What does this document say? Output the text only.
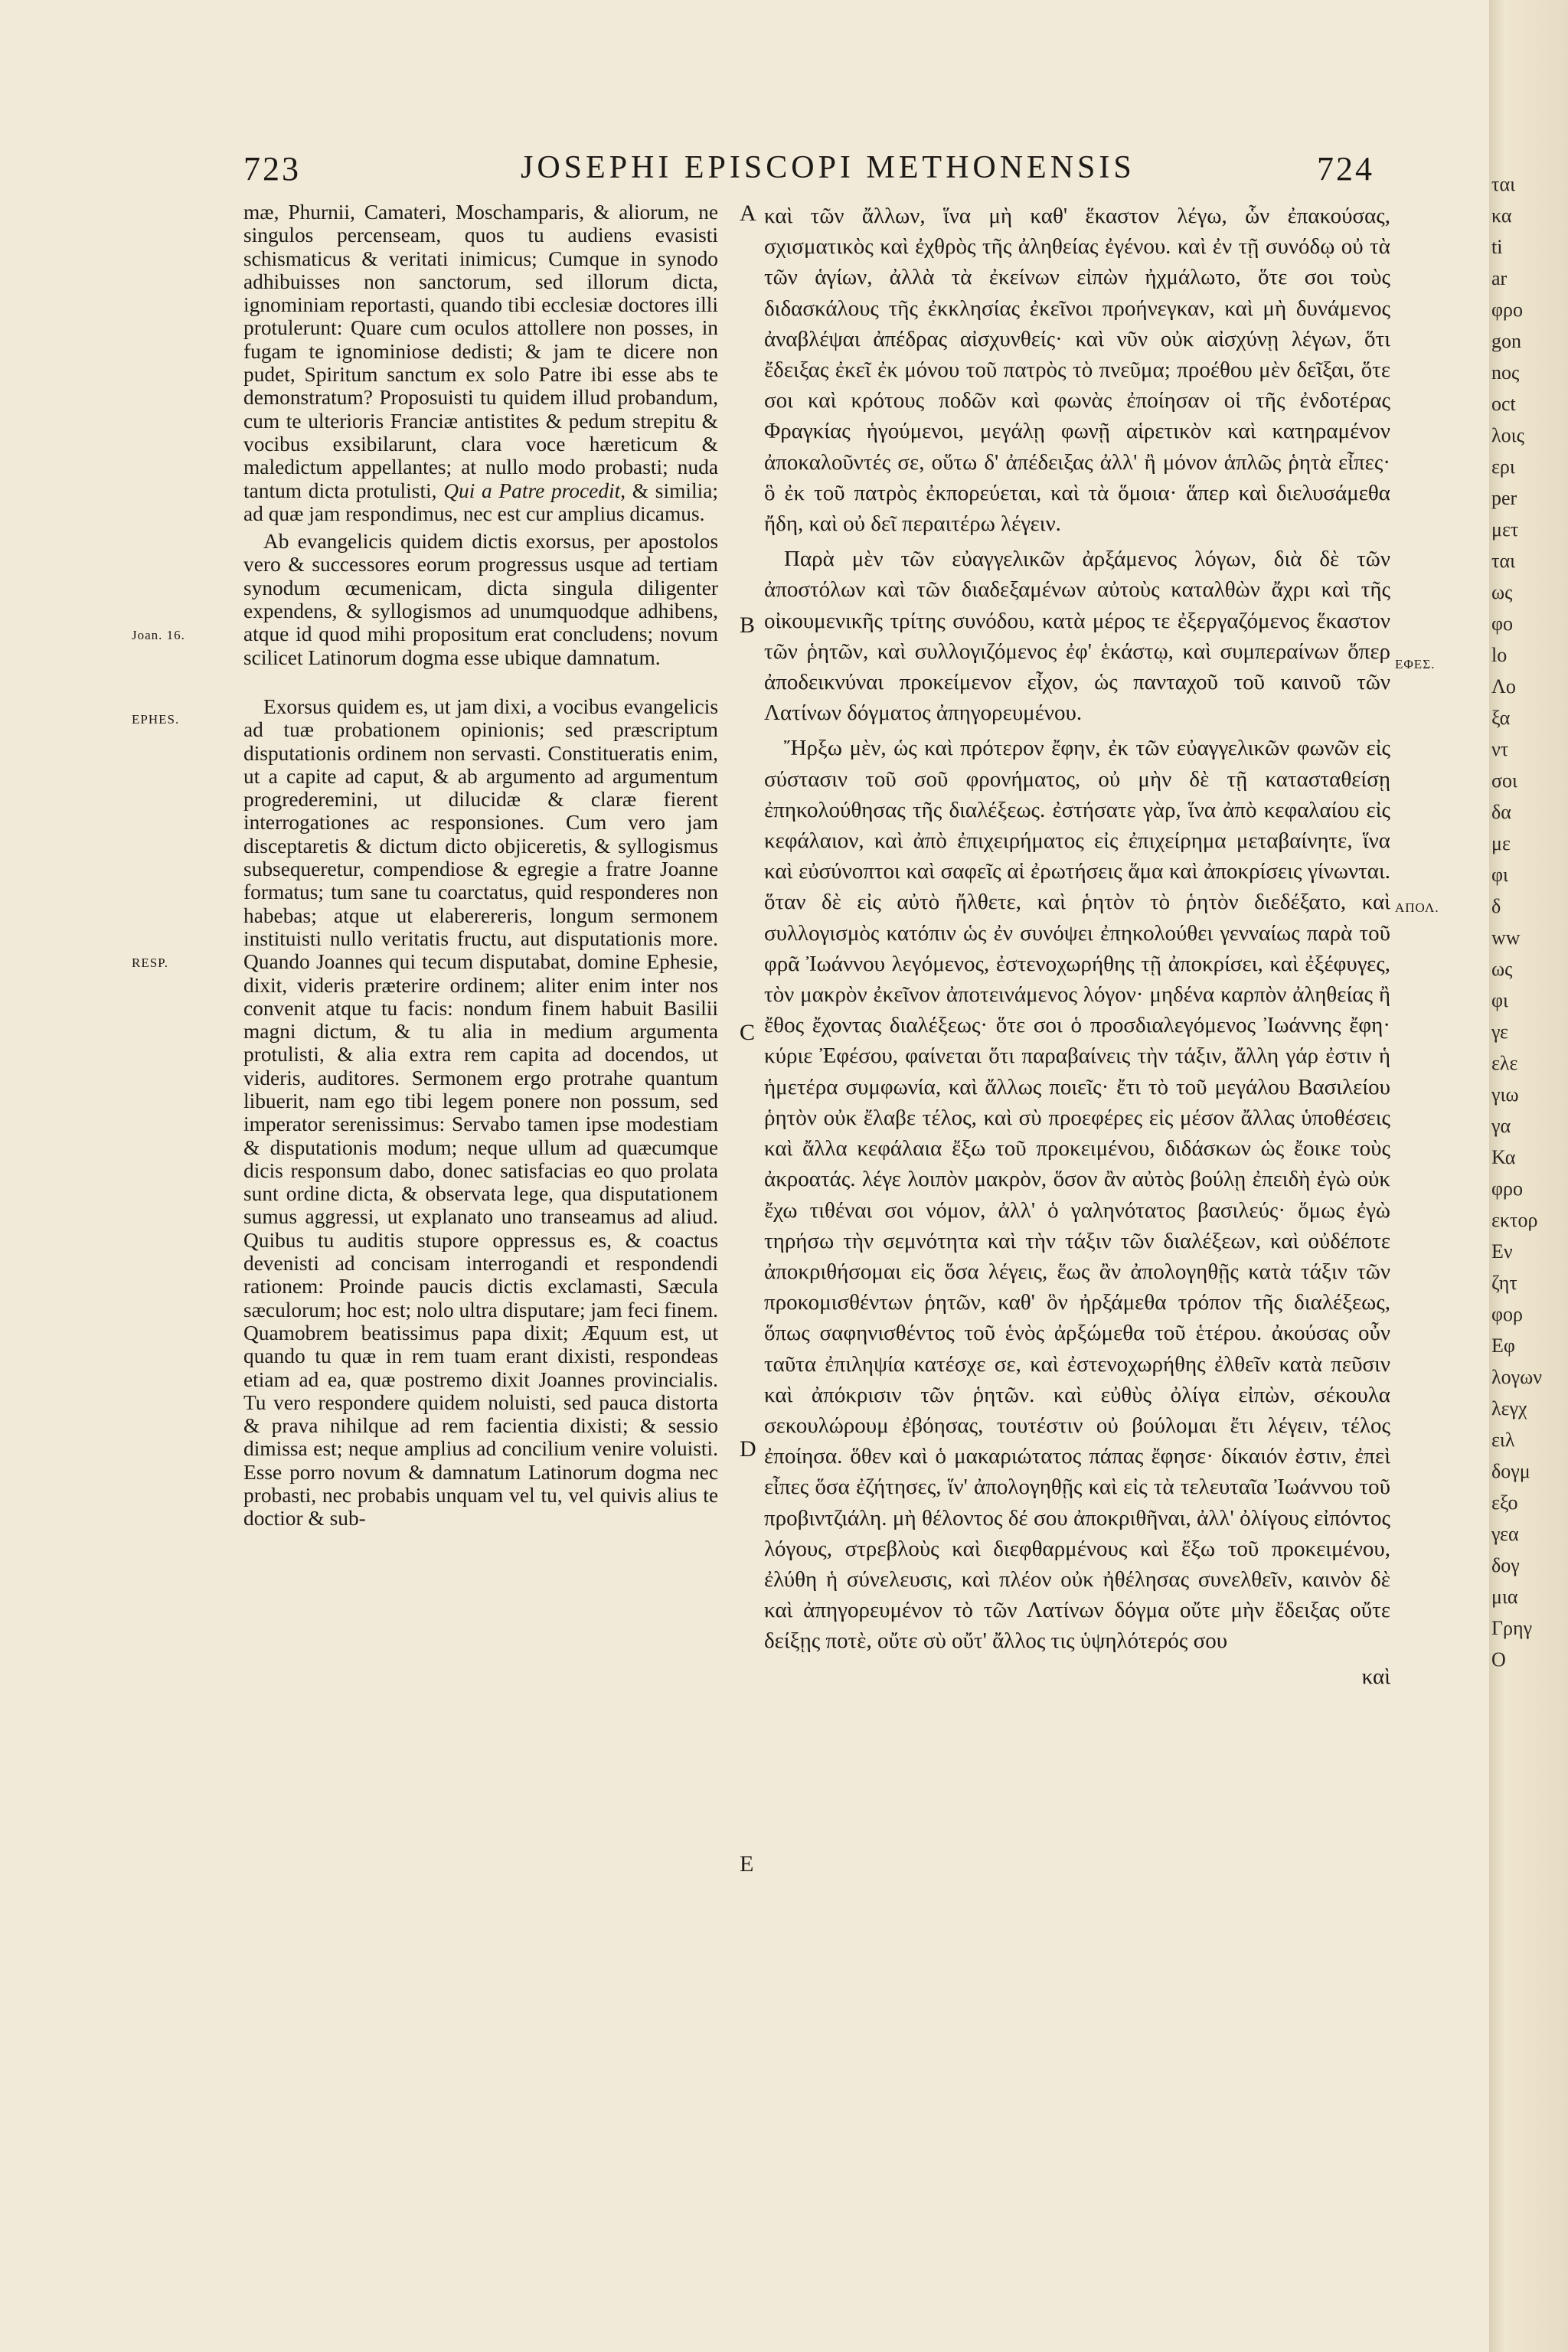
723	JOSEPHI EPISCOPI METHONENSIS	724

mæ, Phurnii, Camateri, Moschamparis, & aliorum, ne singulos percenseam, quos tu audiens evasisti schismaticus & veritati inimicus; Cumque in synodo adhibuisses non sanctorum, sed illorum dicta, ignominiam reportasti, quando tibi ecclesiæ doctores illi protulerunt: Quare cum oculos attollere non posses, in fugam te ignominiose dedisti; & jam te dicere non pudet, Spiritum sanctum ex solo Patre ibi esse abs te demonstratum? Proposuisti tu quidem illud probandum, cum te ulterioris Franciæ antistites & pedum strepitu & vocibus exsibilarunt, clara voce hæreticum & maledictum appellantes; at nullo modo probasti; nuda tantum dicta protulisti, Qui a Patre procedit, & similia; ad quæ jam respondimus, nec est cur amplius dicamus.

Ab evangelicis quidem dictis exorsus, per apostolos vero & successores eorum progressus usque ad tertiam synodum œcumenicam, dicta singula diligenter expendens, & syllogismos ad unumquodque adhibens, atque id quod mihi propositum erat concludens; novum scilicet Latinorum dogma esse ubique damnatum.

Exorsus quidem es, ut jam dixi, a vocibus evangelicis ad tuæ probationem opinionis; sed præscriptum disputationis ordinem non servasti. Constitueratis enim, ut a capite ad caput, & ab argumento ad argumentum progrederemini, ut dilucidæ & claræ fierent interrogationes ac responsiones. Cum vero jam disceptaretis & dictum dicto objiceretis, & syllogismus subsequeretur, compendiose & egregie a fratre Joanne formatus; tum sane tu coarctatus, quid responderes non habebas; atque ut elaberereris, longum sermonem instituisti nullo veritatis fructu, aut disputationis more. Quando Joannes qui tecum disputabat, domine Ephesie, dixit, videris præterire ordinem; aliter enim inter nos convenit atque tu facis: nondum finem habuit Basilii magni dictum, & tu alia in medium argumenta protulisti, & alia extra rem capita ad docendos, ut videris, auditores. Sermonem ergo protrahe quantum libuerit, nam ego tibi legem ponere non possum, sed imperator serenissimus: Servabo tamen ipse modestiam & disputationis modum; neque ullum ad quæcumque dicis responsum dabo, donec satisfacias eo quo prolata sunt ordine dicta, & observata lege, qua disputationem sumus aggressi, ut explanato uno transeamus ad aliud. Quibus tu auditis stupore oppressus es, & coactus devenisti ad concisam interrogandi et respondendi rationem: Proinde paucis dictis exclamasti, Sæcula sæculorum; hoc est; nolo ultra disputare; jam feci finem. Quamobrem beatissimus papa dixit; Æquum est, ut quando tu quæ in rem tuam erant dixisti, respondeas etiam ad ea, quæ postremo dixit Joannes provincialis. Tu vero respondere quidem noluisti, sed pauca distorta & prava nihilque ad rem facientia dixisti; & sessio dimissa est; neque amplius ad concilium venire voluisti. Esse porro novum & damnatum Latinorum dogma nec probasti, nec probabis unquam vel tu, vel quivis alius te doctior & sub-

καὶ τῶν ἄλλων, ἵνα μὴ καθ' ἕκαστον λέγω, ὧν ἐπακούσας, σχισματικὸς καὶ ἐχθρὸς τῆς ἀληθείας ἐγένου. καὶ ἐν τῇ συνόδῳ οὐ τὰ τῶν ἁγίων, ἀλλὰ τὰ ἐκείνων εἰπὼν ἠχμάλωτο, ὅτε σοι τοὺς διδασκάλους τῆς ἐκκλησίας ἐκεῖνοι προήνεγκαν, καὶ μὴ δυνάμενος ἀναβλέψαι ἀπέδρας αἰσχυνθείς· καὶ νῦν οὐκ αἰσχύνῃ λέγων, ὅτι ἔδειξας ἐκεῖ ἐκ μόνου τοῦ πατρὸς τὸ πνεῦμα; προέθου μὲν δεῖξαι, ὅτε σοι καὶ κρότους ποδῶν καὶ φωνὰς ἐποίησαν οἱ τῆς ἐνδοτέρας Φραγκίας ἡγούμενοι, μεγάλῃ φωνῇ αἱρετικὸν καὶ κατηραμένον ἀποκαλοῦντές σε, οὕτω δ' ἀπέδειξας ἀλλ' ἢ μόνον ἁπλῶς ῥητὰ εἶπες· ὃ ἐκ τοῦ πατρὸς ἐκπορεύεται, καὶ τὰ ὅμοια· ἅπερ καὶ διελυσάμεθα ἤδη, καὶ οὐ δεῖ περαιτέρω λέγειν.

Παρὰ μὲν τῶν εὐαγγελικῶν ἀρξάμενος λόγων, διὰ δὲ τῶν ἀποστόλων καὶ τῶν διαδεξαμένων αὐτοὺς καταλθὼν ἄχρι καὶ τῆς οἰκουμενικῆς τρίτης συνόδου, κατὰ μέρος τε ἐξεργαζόμενος ἕκαστον τῶν ῥητῶν, καὶ συλλογιζόμενος ἐφ' ἑκάστῳ, καὶ συμπεραίνων ὅπερ ἀποδεικνύναι προκείμενον εἶχον, ὡς πανταχοῦ τοῦ καινοῦ τῶν Λατίνων δόγματος ἀπηγορευμένου.

Ἤρξω μὲν, ὡς καὶ πρότερον ἔφην, ἐκ τῶν εὐαγγελικῶν φωνῶν εἰς σύστασιν τοῦ σοῦ φρονήματος, οὐ μὴν δὲ τῇ κατασταθείσῃ ἐπηκολούθησας τῆς διαλέξεως. ἐστήσατε γὰρ, ἵνα ἀπὸ κεφαλαίου εἰς κεφάλαιον, καὶ ἀπὸ ἐπιχειρήματος εἰς ἐπιχείρημα μεταβαίνητε, ἵνα καὶ εὐσύνοπτοι καὶ σαφεῖς αἱ ἐρωτήσεις ἅμα καὶ ἀποκρίσεις γίνωνται. ὅταν δὲ εἰς αὐτὸ ἤλθετε, καὶ ῥητὸν τὸ ῥητὸν διεδέξατο, καὶ συλλογισμὸς κατόπιν ὡς ἐν συνόψει ἐπηκολούθει γενναίως παρὰ τοῦ φρᾶ Ἰωάννου λεγόμενος, ἐστενοχωρήθης τῇ ἀποκρίσει, καὶ ἐξέφυγες, τὸν μακρὸν ἐκεῖνον ἀποτεινάμενος λόγον· μηδένα καρπὸν ἀληθείας ἢ ἔθος ἔχοντας διαλέξεως· ὅτε σοι ὁ προσδιαλεγόμενος Ἰωάννης ἔφη· κύριε Ἐφέσου, φαίνεται ὅτι παραβαίνεις τὴν τάξιν, ἄλλη γάρ ἐστιν ἡ ἡμετέρα συμφωνία, καὶ ἄλλως ποιεῖς· ἔτι τὸ τοῦ μεγάλου Βασιλείου ῥητὸν οὐκ ἔλαβε τέλος, καὶ σὺ προεφέρες εἰς μέσον ἄλλας ὑποθέσεις καὶ ἄλλα κεφάλαια ἔξω τοῦ προκειμένου, διδάσκων ὡς ἔοικε τοὺς ἀκροατάς. λέγε λοιπὸν μακρὸν, ὅσον ἂν αὐτὸς βούλῃ ἐπειδὴ ἐγὼ οὐκ ἔχω τιθέναι σοι νόμον, ἀλλ' ὁ γαληνότατος βασιλεύς· ὅμως ἐγὼ τηρήσω τὴν σεμνότητα καὶ τὴν τάξιν τῶν διαλέξεων, καὶ οὐδέποτε ἀποκριθήσομαι εἰς ὅσα λέγεις, ἕως ἂν ἀπολογηθῇς κατὰ τάξιν τῶν προκομισθέντων ῥητῶν, καθ' ὃν ἠρξάμεθα τρόπον τῆς διαλέξεως, ὅπως σαφηνισθέντος τοῦ ἑνὸς ἀρξώμεθα τοῦ ἑτέρου. ἀκούσας οὖν ταῦτα ἐπιληψία κατέσχε σε, καὶ ἐστενοχωρήθης ἐλθεῖν κατὰ πεῦσιν καὶ ἀπόκρισιν τῶν ῥητῶν. καὶ εὐθὺς ὀλίγα εἰπὼν, σέκουλα σεκουλώρουμ ἐβόησας, τουτέστιν οὐ βούλομαι ἔτι λέγειν, τέλος ἐποίησα. ὅθεν καὶ ὁ μακαριώτατος πάπας ἔφησε· δίκαιόν ἐστιν, ἐπεὶ εἶπες ὅσα ἐζήτησες, ἵν' ἀπολογηθῇς καὶ εἰς τὰ τελευταῖα Ἰωάννου τοῦ προβιντζιάλη. μὴ θέλοντος δέ σου ἀποκριθῆναι, ἀλλ' ὀλίγους εἰπόντος λόγους, στρεβλοὺς καὶ διεφθαρμένους καὶ ἔξω τοῦ προκειμένου, ἐλύθη ἡ σύνελευσις, καὶ πλέον οὐκ ἠθέλησας συνελθεῖν, καινὸν δὲ καὶ ἀπηγορευμένον τὸ τῶν Λατίνων δόγμα οὔτε μὴν ἔδειξας οὔτε δείξῃς ποτὲ, οὔτε σὺ οὔτ' ἄλλος τις ὑψηλότερός σου

καὶ

Joan. 16.
EPHES.
RESP.
ΕΦΕΣ.
ΑΠΟΛ.
A
B
C
D
E
ται
κα
ti
ar
φρο
gon
noς
oct
λοις
ερι
per
μετ
ται
ως
φο
lo
Λο
ξα
ντ
σοι
δα
με
φι
δ
ww
ως
φι
γε
ελε
γιω
γα
Κα
φρο
εκτορ
Εν
ζητ
φορ
Εφ
λογων
λεγχ
ειλ
δογμ
εξο
γεα
δογ
μια
Γρηγ
Ο
